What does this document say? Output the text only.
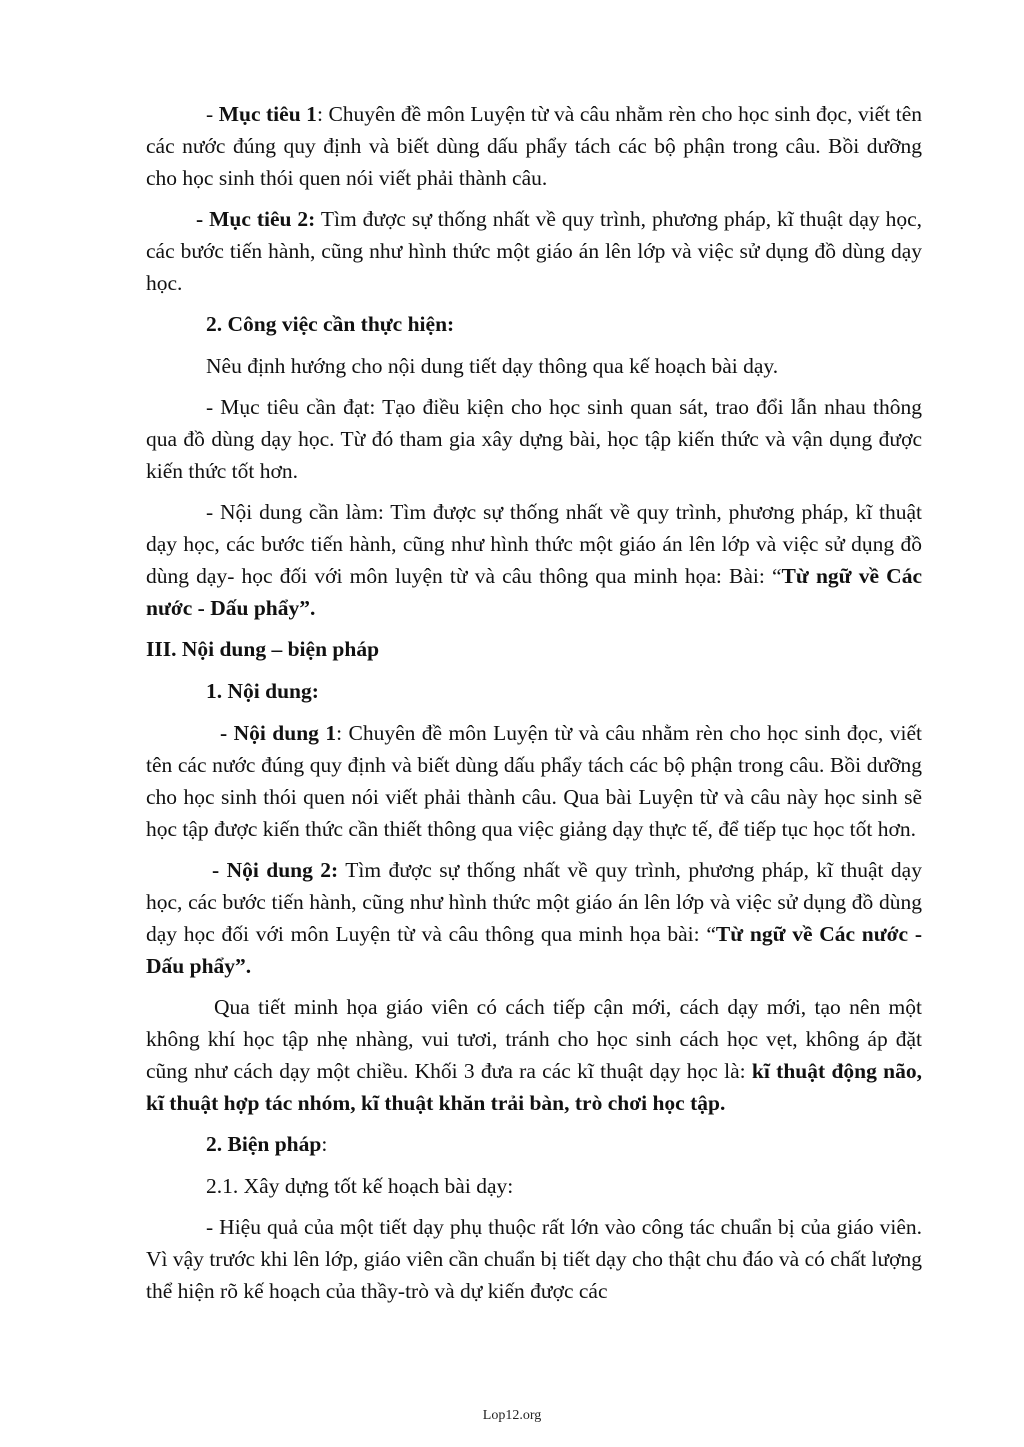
- Mục tiêu 1: Chuyên đề môn Luyện từ và câu nhằm rèn cho học sinh đọc, viết tên các nước đúng quy định và biết dùng dấu phẩy tách các bộ phận trong câu. Bồi dưỡng cho học sinh thói quen nói viết phải thành câu.

- Mục tiêu 2: Tìm được sự thống nhất về quy trình, phương pháp, kĩ thuật dạy học, các bước tiến hành, cũng như hình thức một giáo án lên lớp và việc sử dụng đồ dùng dạy học.

2. Công việc cần thực hiện:

Nêu định hướng cho nội dung tiết dạy thông qua kế hoạch bài dạy.

- Mục tiêu cần đạt: Tạo điều kiện cho học sinh quan sát, trao đổi lẫn nhau thông qua đồ dùng dạy học. Từ đó tham gia xây dựng bài, học tập kiến thức và vận dụng được kiến thức tốt hơn.

- Nội dung cần làm: Tìm được sự thống nhất về quy trình, phương pháp, kĩ thuật dạy học, các bước tiến hành, cũng như hình thức một giáo án lên lớp và việc sử dụng đồ dùng dạy- học đối với môn luyện từ và câu thông qua minh họa: Bài: “Từ ngữ về Các nước - Dấu phẩy”.

III. Nội dung – biện pháp

1. Nội dung:

- Nội dung 1: Chuyên đề môn Luyện từ và câu nhằm rèn cho học sinh đọc, viết tên các nước đúng quy định và biết dùng dấu phẩy tách các bộ phận trong câu. Bồi dưỡng cho học sinh thói quen nói viết phải thành câu. Qua bài Luyện từ và câu này học sinh sẽ học tập được kiến thức cần thiết thông qua việc giảng dạy thực tế, để tiếp tục học tốt hơn.

- Nội dung 2: Tìm được sự thống nhất về quy trình, phương pháp, kĩ thuật dạy học, các bước tiến hành, cũng như hình thức một giáo án lên lớp và việc sử dụng đồ dùng dạy học đối với môn Luyện từ và câu thông qua minh họa bài: “Từ ngữ về Các nước - Dấu phẩy”.

Qua tiết minh họa giáo viên có cách tiếp cận mới, cách dạy mới, tạo nên một không khí học tập nhẹ nhàng, vui tươi, tránh cho học sinh cách học vẹt, không áp đặt cũng như cách dạy một chiều. Khối 3 đưa ra các kĩ thuật dạy học là: kĩ thuật động não, kĩ thuật hợp tác nhóm, kĩ thuật khăn trải bàn, trò chơi học tập.

2. Biện pháp:

2.1. Xây dựng tốt kế hoạch bài dạy:

- Hiệu quả của một tiết dạy phụ thuộc rất lớn vào công tác chuẩn bị của giáo viên. Vì vậy trước khi lên lớp, giáo viên cần chuẩn bị tiết dạy cho thật chu đáo và có chất lượng thể hiện rõ kế hoạch của thầy-trò và dự kiến được các

Lop12.org
